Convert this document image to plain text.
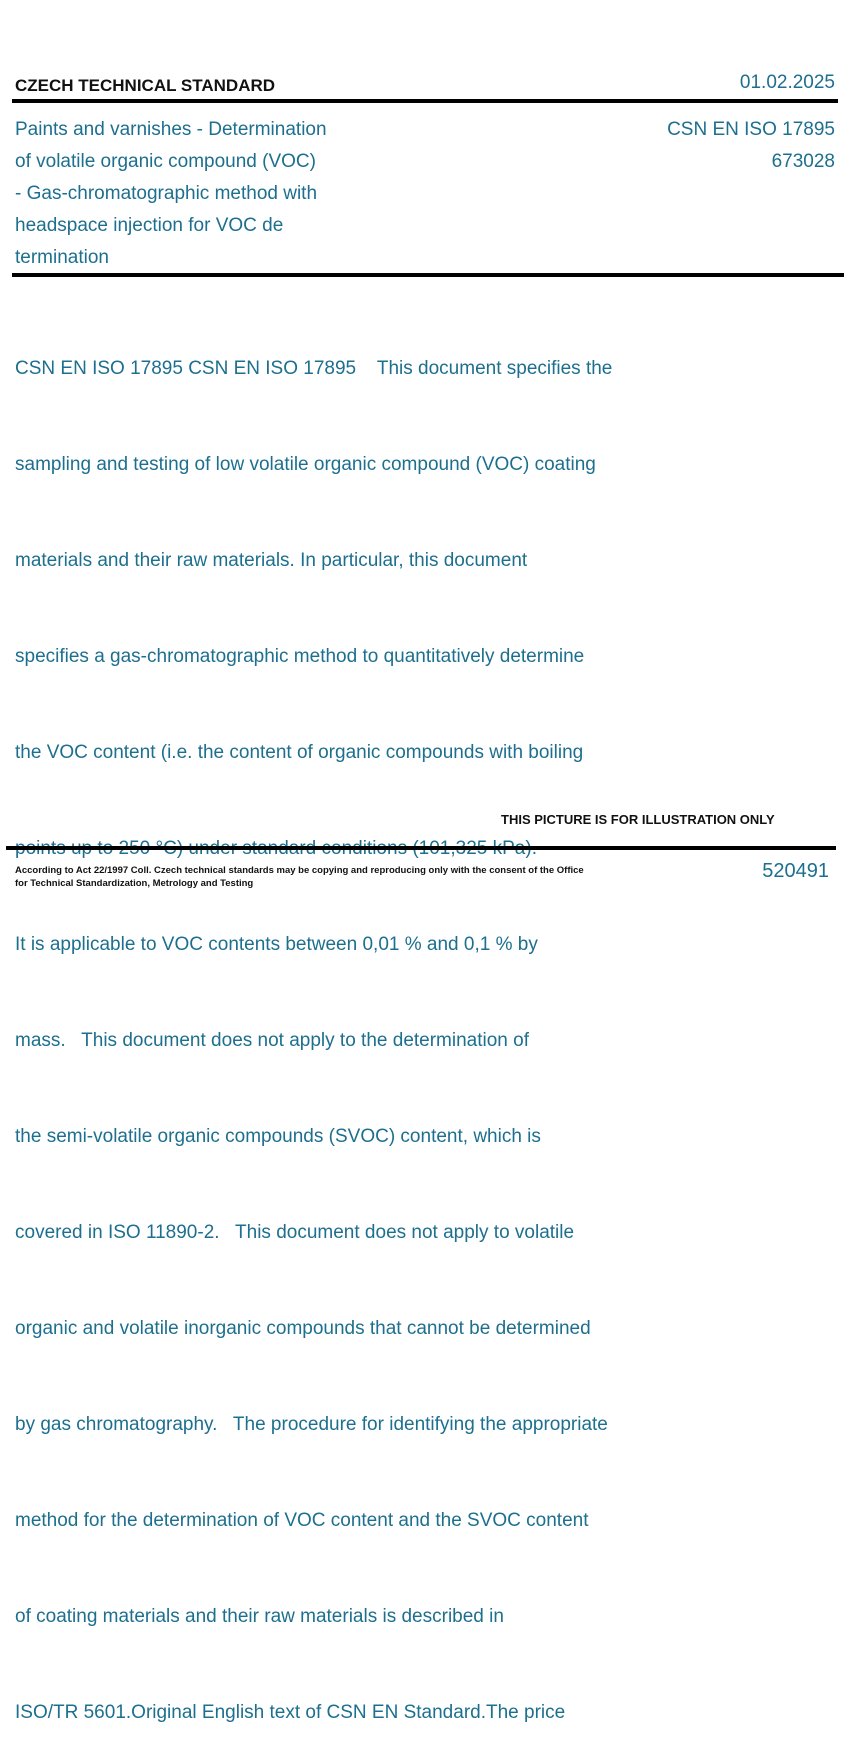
CZECH TECHNICAL STANDARD	01.02.2025
Paints and varnishes - Determination
of volatile organic compound (VOC)
- Gas-chromatographic method with
headspace injection for VOC de
termination
CSN EN ISO 17895
673028

CSN EN ISO 17895 CSN EN ISO 17895    This document specifies the

sampling and testing of low volatile organic compound (VOC) coating

materials and their raw materials. In particular, this document

specifies a gas-chromatographic method to quantitatively determine

the VOC content (i.e. the content of organic compounds with boiling

It is applicable to VOC contents between 0,01 % and 0,1 % by

mass.   This document does not apply to the determination of

the semi-volatile organic compounds (SVOC) content, which is

covered in ISO 11890-2.   This document does not apply to volatile

organic and volatile inorganic compounds that cannot be determined

by gas chromatography.   The procedure for identifying the appropriate

method for the determination of VOC content and the SVOC content

of coating materials and their raw materials is described in

ISO/TR 5601.Original English text of CSN EN Standard.The price

THIS PICTURE IS FOR ILLUSTRATION ONLY
According to Act 22/1997 Coll. Czech technical standards may be copying and reproducing only with the consent of the Office
for Technical Standardization, Metrology and Testing
520491
